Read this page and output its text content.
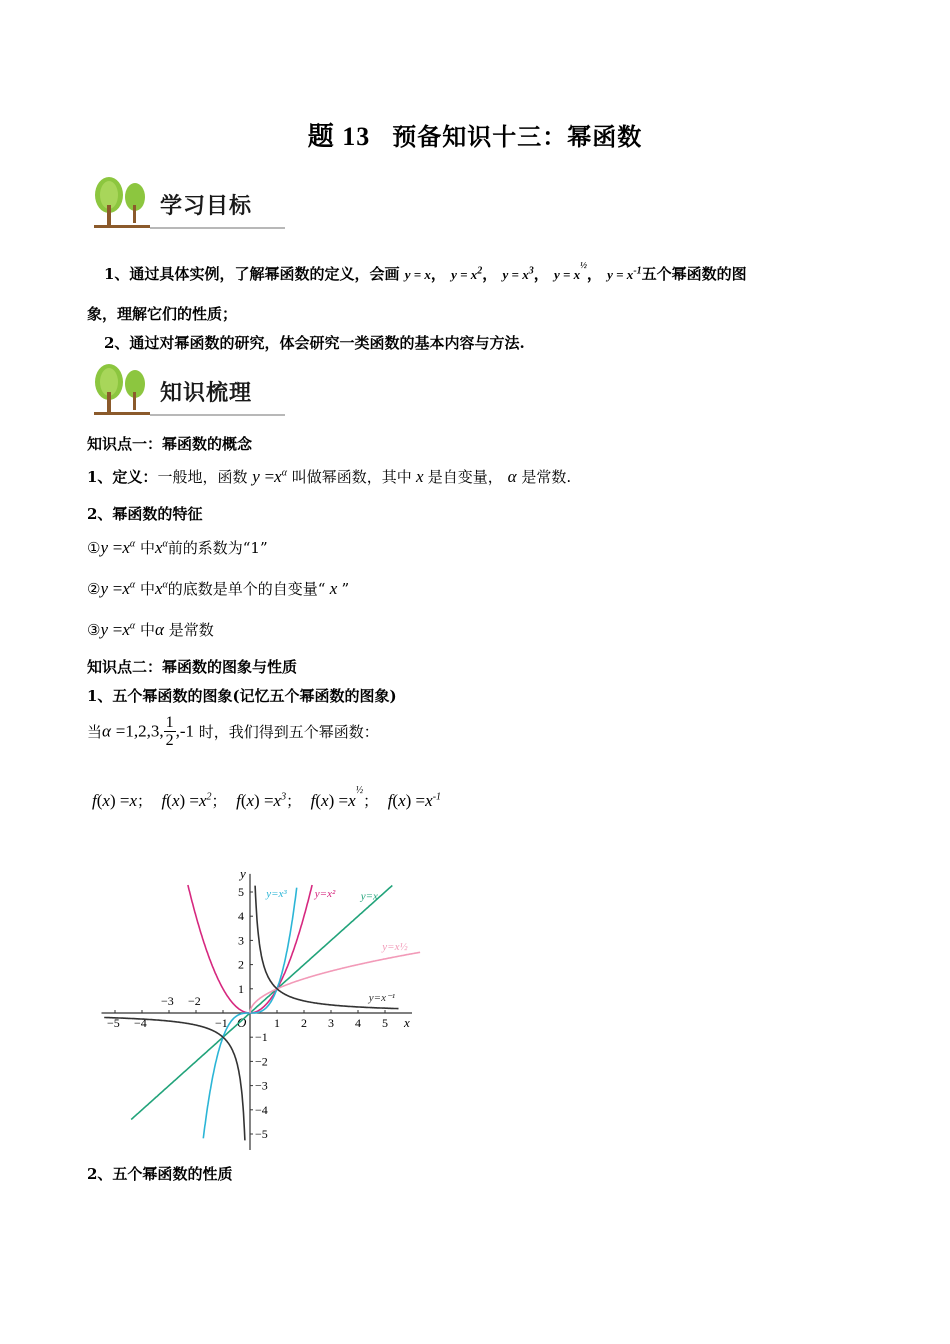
题 13 预备知识十三：幂函数
学习目标
1、通过具体实例，了解幂函数的定义，会画 y = x， $y = x^2$， $y = x^3$， $y = x^{\frac{1}{2}}$， $y = x^{-1}$五个幂函数的图
象，理解它们的性质；
2、通过对幂函数的研究，体会研究一类函数的基本内容与方法.
知识梳理
知识点一：幂函数的概念
1、定义：一般地，函数 $y =x^\alpha$ 叫做幂函数，其中 x 是自变量， α 是常数.
2、幂函数的特征
①y $=x^\alpha$ 中$x^\alpha$前的系数为“1”
②y $=x^\alpha$ 中$x^\alpha$的底数是单个的自变量“ x ”
③y $=x^\alpha$ 中α 是常数
知识点二：幂函数的图象与性质
1、五个幂函数的图象(记忆五个幂函数的图象)
当α =1,2,3, $\frac{1}{2} ,-1$ 时，我们得到五个幂函数：
f(x) =x；  $f(x) =x^2$；  $f(x) =x^3$；  $f(x) =x^{\frac{1}{2}}$；  $f(x) =x^{-1}$
x
y
O
−5 −4
−3 −2
−1	1 2 3 4 5
−5
−4
−3
−2
−1
1
2
3
4
5	y=x
y=x²
y=x³
y=x½
y=x⁻¹
2、五个幂函数的性质
